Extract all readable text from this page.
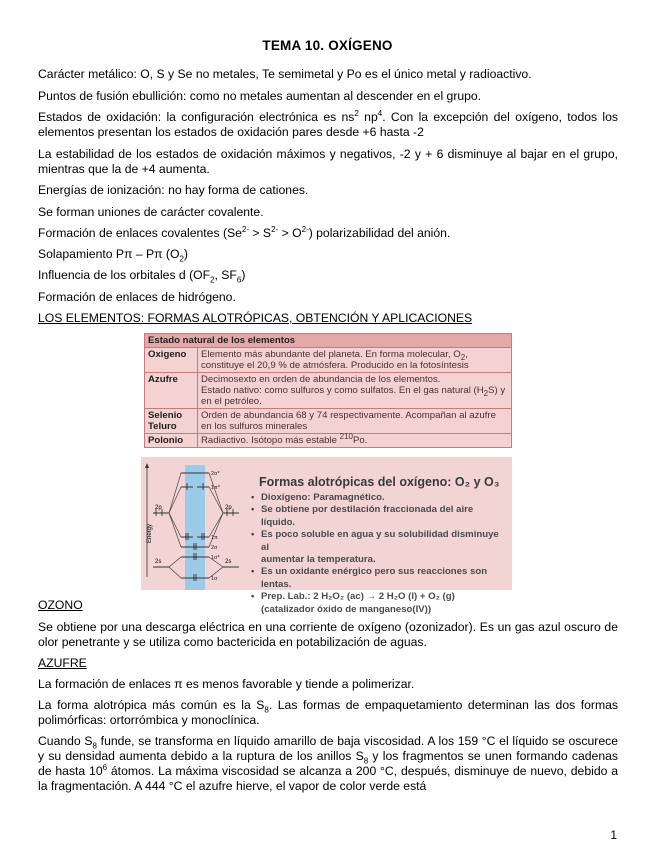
TEMA 10. OXÍGENO
Carácter metálico: O, S y Se no metales, Te semimetal y Po es el único metal y radioactivo.
Puntos de fusión ebullición: como no metales aumentan al descender en el grupo.
Estados de oxidación: la configuración electrónica es $ns^2$ $np^4$. Con la excepción del oxígeno, todos los elementos presentan los estados de oxidación pares desde +6 hasta -2
La estabilidad de los estados de oxidación máximos y negativos, -2 y + 6 disminuye al bajar en el grupo, mientras que la de +4 aumenta.
Energías de ionización: no hay forma de cationes.
Se forman uniones de carácter covalente.
Formación de enlaces covalentes $(Se^{2-} > S^{2-} > O^{2-})$ polarizabilidad del anión.
Solapamiento Pπ – Pπ $(O_2)$
Influencia de los orbitales d ($OF_2$, $SF_6$)
Formación de enlaces de hidrógeno.
LOS ELEMENTOS: FORMAS ALOTRÓPICAS, OBTENCIÓN Y APLICACIONES
Estado natural de los elementos	
Oxigeno	Elemento más abundante del planeta. En forma molecular, $O_2$, constituye el 20,9 % de atmósfera. Producido en la fotosíntesis
Azufre	Decimosexto en orden de abundancia de los elementos.
Estado nativo: como sulfuros y como sulfatos. En el gas natural $(H_2S)$ y en el petróleo.
Selenio Teluro	Orden de abundancia 68 y 74 respectivamente. Acompañan al azufre en los sulfuros minerales
Polonio	Radiactivo. Isótopo más estable $^{210}$Po.
Energy
2p	2p
2s	2s
2σ*
1π*
1π
2σ
1σ*
1σ
Formas alotrópicas del oxígeno: O₂ y O₃
• Dioxígeno: Paramagnético.
• Se obtiene por destilación fraccionada del aire líquido.
• Es poco soluble en agua y su solubilidad disminuye al
aumentar la temperatura.
• Es un oxidante enérgico pero sus reacciones son lentas.
• Prep. Lab.: 2 H₂O₂ (ac) → 2 H₂O (l) + O₂ (g)
(catalizador óxido de manganeso(IV))
OZONO
Se obtiene por una descarga eléctrica en una corriente de oxígeno (ozonizador). Es un gas azul oscuro de olor penetrante y se utiliza como bactericida en potabilización de aguas.
AZUFRE
La formación de enlaces π es menos favorable y tiende a polimerizar.
La forma alotrópica más común es la $S_8$. Las formas de empaquetamiento determinan las dos formas polimórficas: ortorrómbica y monoclínica.
Cuando $S_8$ funde, se transforma en líquido amarillo de baja viscosidad. A los 159 °C el líquido se oscurece y su densidad aumenta debido a la ruptura de los anillos $S_8$ y los fragmentos se unen formando cadenas de hasta $10^6$ átomos. La máxima viscosidad se alcanza a 200 °C, después, disminuye de nuevo, debido a la fragmentación. A 444 °C el azufre hierve, el vapor de color verde está
1
